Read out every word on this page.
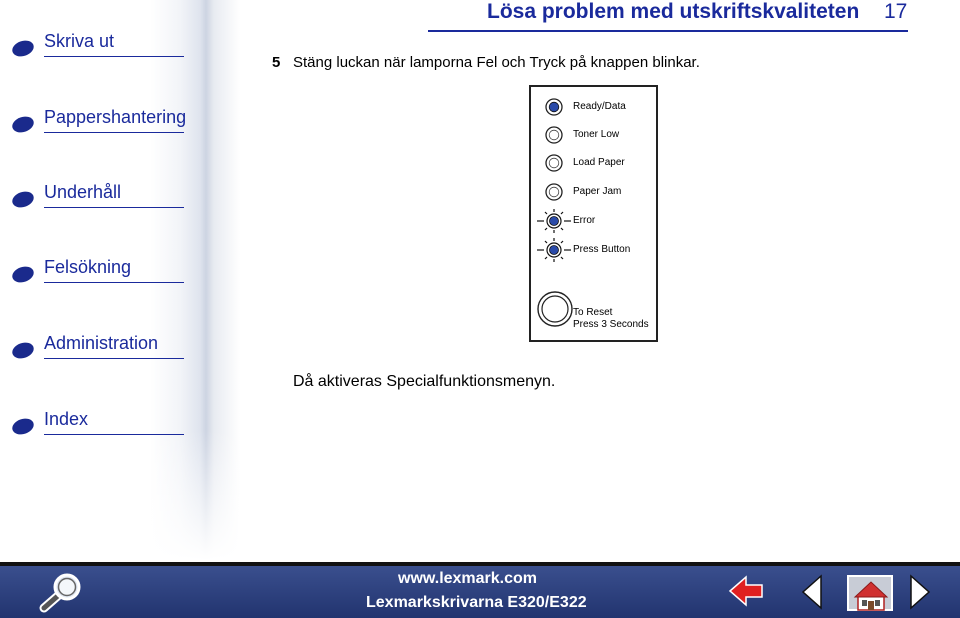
Skriva ut
Pappershantering
Underhåll
Felsökning
Administration
Index
Lösa problem med utskriftskvaliteten 17
5 Stäng luckan när lamporna Fel och Tryck på knappen blinkar.
Ready/Data
Toner Low
Load Paper
Paper Jam
Error
Press Button
To Reset
Press 3 Seconds
Då aktiveras Specialfunktionsmenyn.
www.lexmark.com
Lexmarkskrivarna E320/E322
